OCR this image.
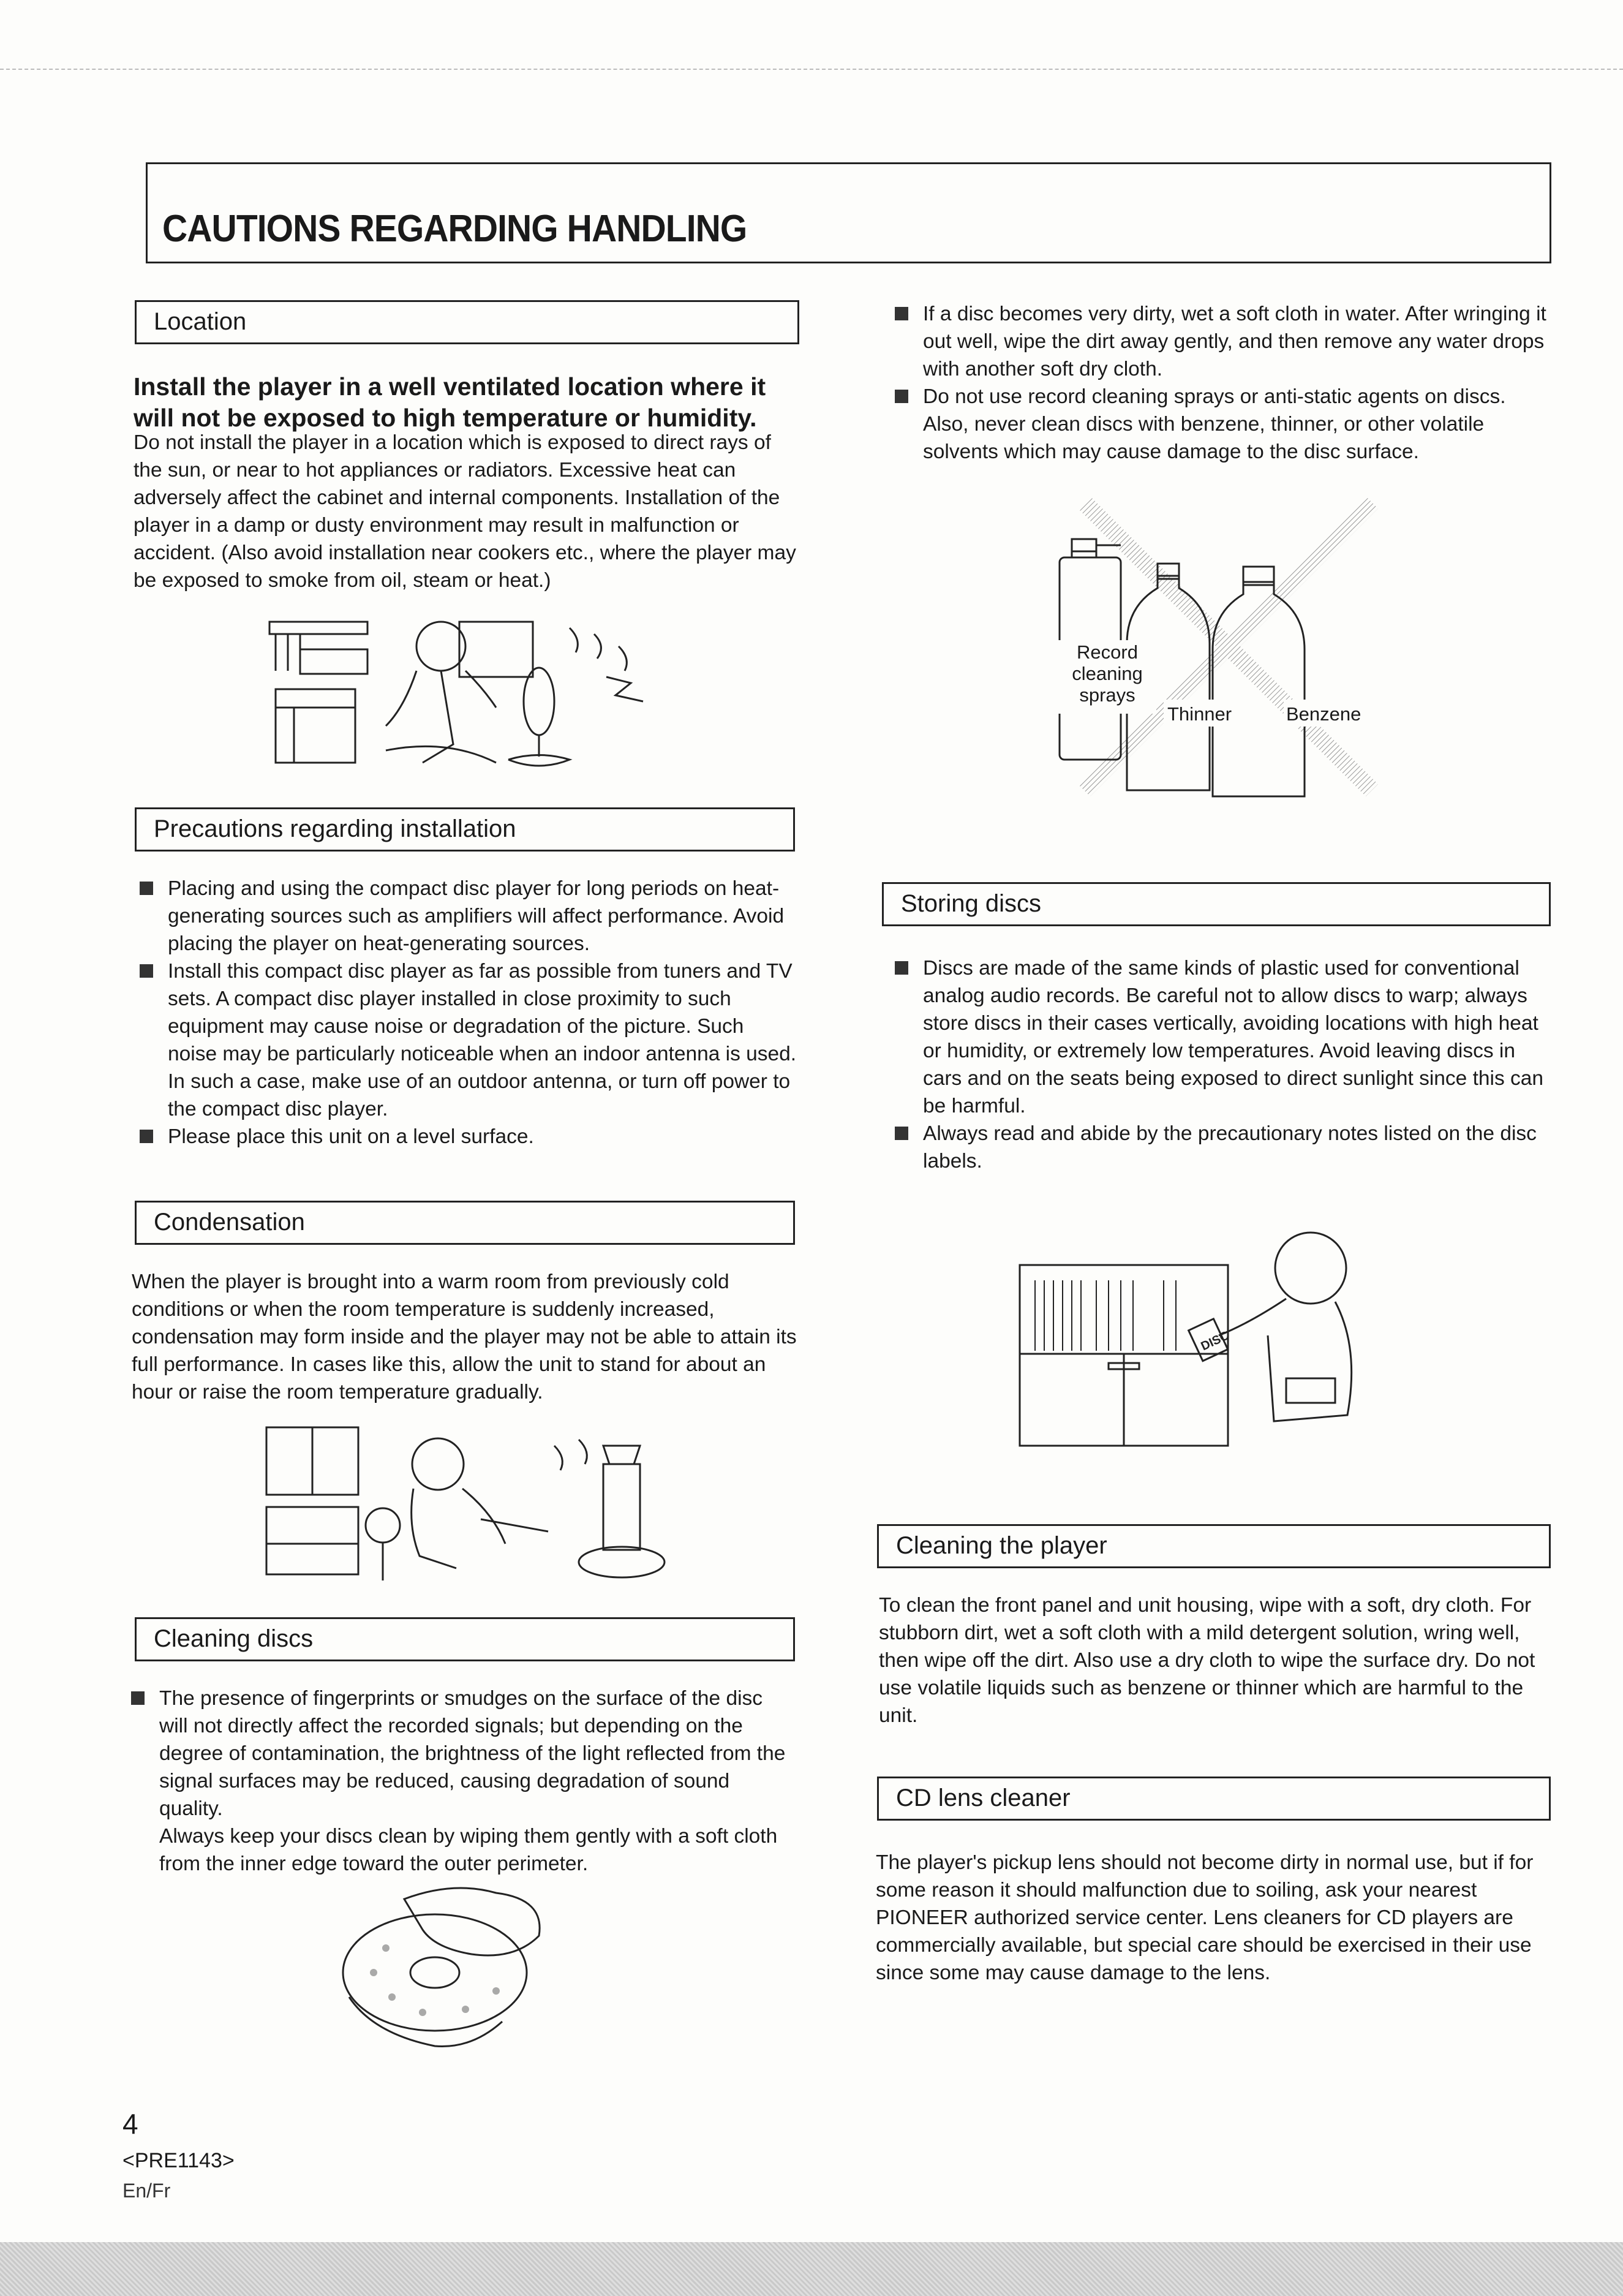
CAUTIONS REGARDING HANDLING
Location

Install the player in a well ventilated location where it will not be exposed to high temperature or humidity.

Do not install the player in a location which is exposed to direct rays of the sun, or near to hot appliances or radiators. Excessive heat can adversely affect the cabinet and internal components. Installation of the player in a damp or dusty environment may result in malfunction or accident. (Also avoid installation near cookers etc., where the player may be exposed to smoke from oil, steam or heat.)

Precautions regarding installation
Placing and using the compact disc player for long periods on heat-generating sources such as amplifiers will affect performance. Avoid placing the player on heat-generating sources.
Install this compact disc player as far as possible from tuners and TV sets. A compact disc player installed in close proximity to such equipment may cause noise or degradation of the picture. Such noise may be particularly noticeable when an indoor antenna is used. In such a case, make use of an outdoor antenna, or turn off power to the compact disc player.
Please place this unit on a level surface.
Condensation

When the player is brought into a warm room from previously cold conditions or when the room temperature is suddenly increased, condensation may form inside and the player may not be able to attain its full performance. In cases like this, allow the unit to stand for about an hour or raise the room temperature gradually.

Cleaning discs
The presence of fingerprints or smudges on the surface of the disc will not directly affect the recorded signals; but depending on the degree of contamination, the brightness of the light reflected from the signal surfaces may be reduced, causing degradation of sound quality.
Always keep your discs clean by wiping them gently with a soft cloth from the inner edge toward the outer perimeter.
If a disc becomes very dirty, wet a soft cloth in water. After wringing it out well, wipe the dirt away gently, and then remove any water drops with another soft dry cloth.
Do not use record cleaning sprays or anti-static agents on discs. Also, never clean discs with benzene, thinner, or other volatile solvents which may cause damage to the disc surface.
Record cleaning sprays
Thinner	Benzene
Storing discs
Discs are made of the same kinds of plastic used for conventional analog audio records. Be careful not to allow discs to warp; always store discs in their cases vertically, avoiding locations with high heat or humidity, or extremely low temperatures. Avoid leaving discs in cars and on the seats being exposed to direct sunlight since this can be harmful.
Always read and abide by the precautionary notes listed on the disc labels.
DISC
Cleaning the player

To clean the front panel and unit housing, wipe with a soft, dry cloth. For stubborn dirt, wet a soft cloth with a mild detergent solution, wring well, then wipe off the dirt. Also use a dry cloth to wipe the surface dry. Do not use volatile liquids such as benzene or thinner which are harmful to the unit.

CD lens cleaner

The player's pickup lens should not become dirty in normal use, but if for some reason it should malfunction due to soiling, ask your nearest PIONEER authorized service center. Lens cleaners for CD players are commercially available, but special care should be exercised in their use since some may cause damage to the lens.

4
<PRE1143>
En/Fr
